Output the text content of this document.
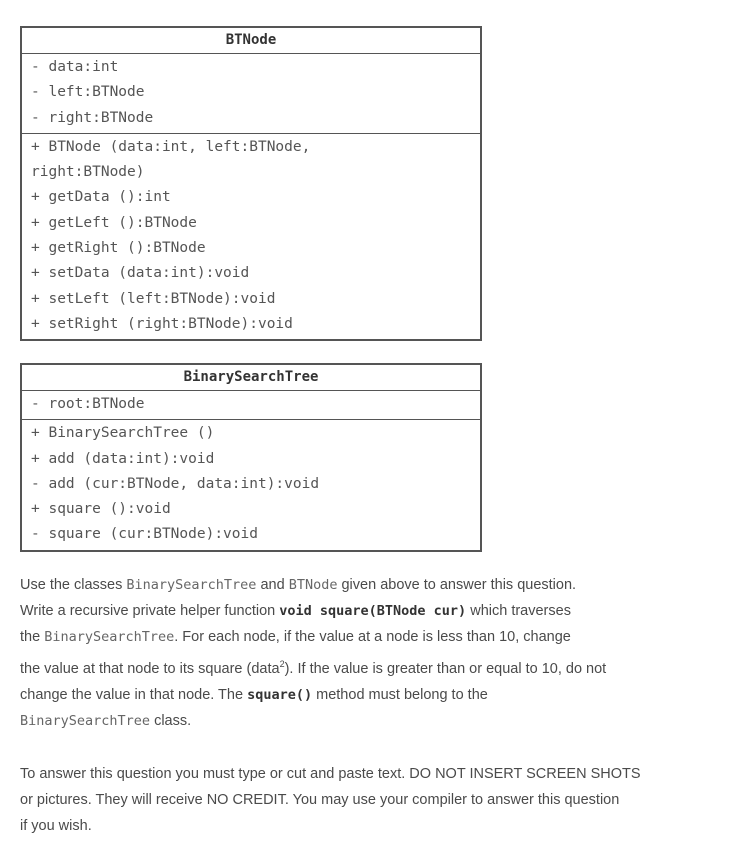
BTNode
- data:int
- left:BTNode
- right:BTNode
+ BTNode (data:int, left:BTNode,
right:BTNode)
+ getData ():int
+ getLeft ():BTNode
+ getRight ():BTNode
+ setData (data:int):void
+ setLeft (left:BTNode):void
+ setRight (right:BTNode):void
BinarySearchTree
- root:BTNode
+ BinarySearchTree ()
+ add (data:int):void
- add (cur:BTNode, data:int):void
+ square ():void
- square (cur:BTNode):void

Use the classes BinarySearchTree and BTNode given above to answer this question.

Write a recursive private helper function void square(BTNode cur) which traverses

the BinarySearchTree. For each node, if the value at a node is less than 10, change

the value at that node to its square (data$^2$). If the value is greater than or equal to 10, do not

change the value in that node. The square() method must belong to the

BinarySearchTree class.

To answer this question you must type or cut and paste text. DO NOT INSERT SCREEN SHOTS

or pictures. They will receive NO CREDIT. You may use your compiler to answer this question

if you wish.
